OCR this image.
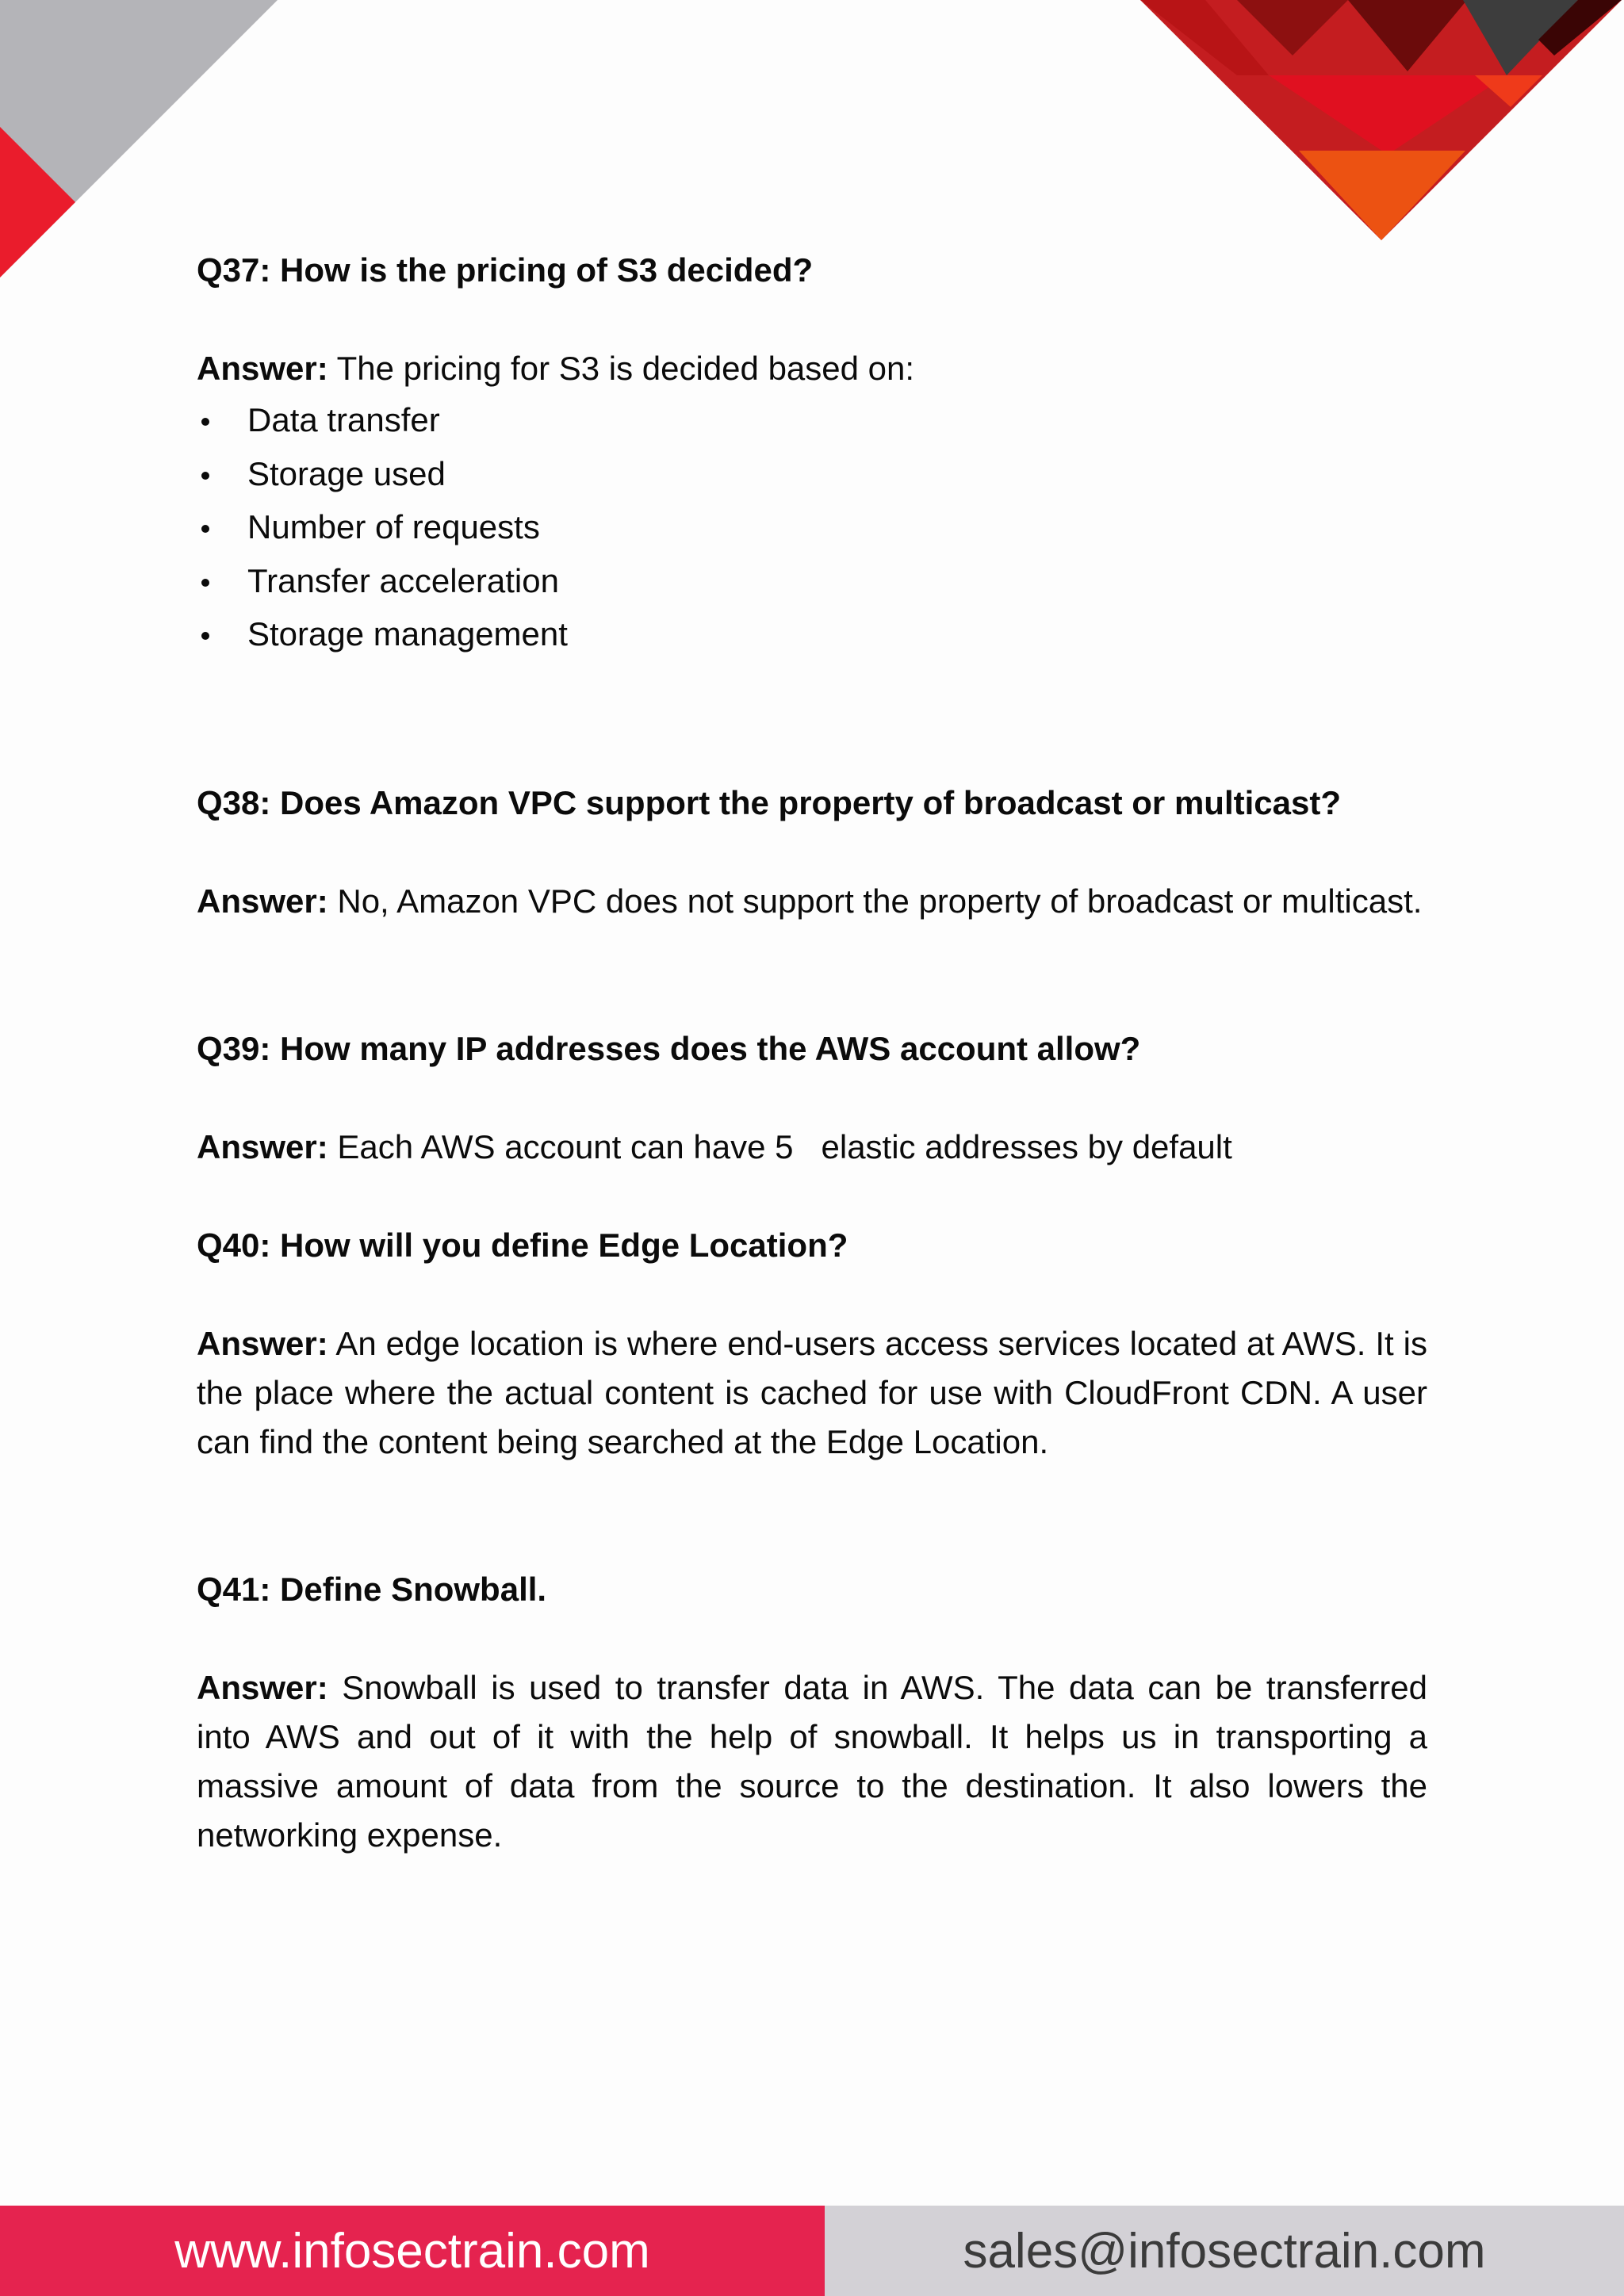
Q37: How is the pricing of S3 decided?

Answer: The pricing for S3 is decided based on:

Data transfer
Storage used
Number of requests
Transfer acceleration
Storage management

Q38: Does Amazon VPC support the property of broadcast or multicast?

Answer: No, Amazon VPC does not support the property of broadcast or multicast.

Q39: How many IP addresses does the AWS account allow?

Answer: Each AWS account can have 5   elastic addresses by default

Q40: How will you define Edge Location?

Answer: An edge location is where end-users access services located at AWS. It is the place where the actual content is cached for use with CloudFront CDN. A user can find the content being searched at the Edge Location.

Q41: Define Snowball.

Answer: Snowball is used to transfer data in AWS. The data can be transferred into AWS and out of it with the help of snowball. It helps us in transporting a massive amount of data from the source to the destination. It also lowers the networking expense.

www.infosectrain.com	sales@infosectrain.com
